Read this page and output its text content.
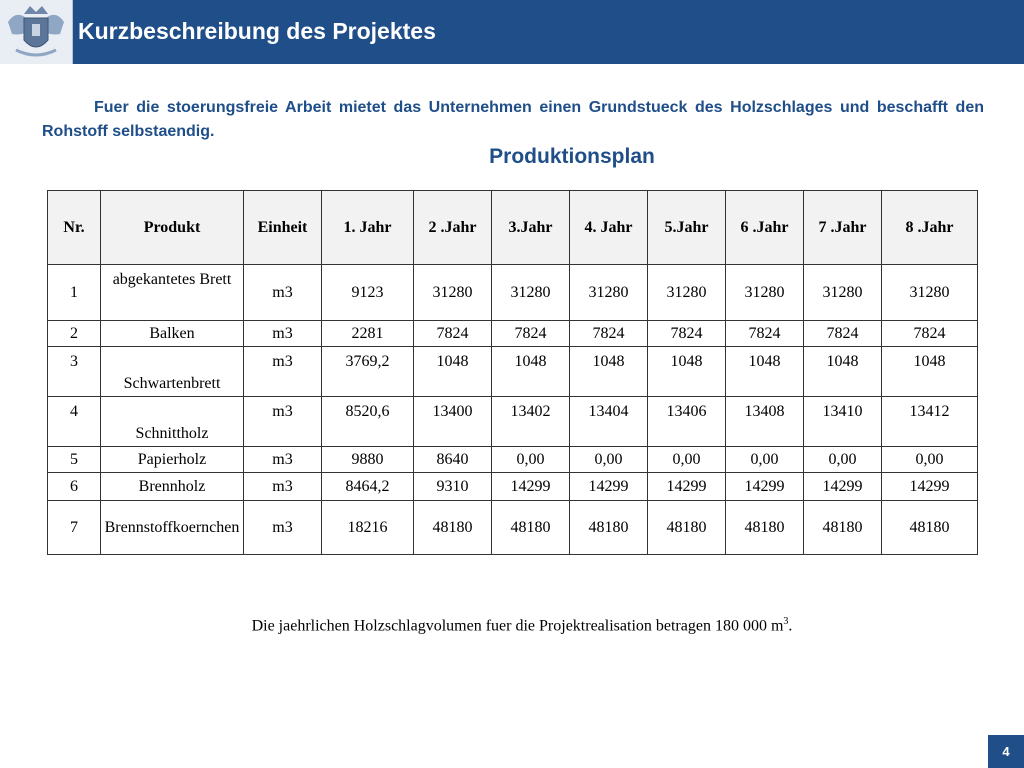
Kurzbeschreibung des Projektes
Fuer die stoerungsfreie Arbeit mietet das Unternehmen einen Grundstueck des Holzschlages und beschafft den Rohstoff selbstaendig.
Produktionsplan
Nr.	Produkt	Einheit	1. Jahr	2 .Jahr	3.Jahr	4. Jahr	5.Jahr	6 .Jahr	7 .Jahr	8 .Jahr
1	abgekantetes Brett	m3	9123	31280	31280	31280	31280	31280	31280	31280
2	Balken	m3	2281	7824	7824	7824	7824	7824	7824	7824
3	Schwartenbrett	m3	3769,2	1048	1048	1048	1048	1048	1048	1048
4	Schnittholz	m3	8520,6	13400	13402	13404	13406	13408	13410	13412
5	Papierholz	m3	9880	8640	0,00	0,00	0,00	0,00	0,00	0,00
6	Brennholz	m3	8464,2	9310	14299	14299	14299	14299	14299	14299
7	Brennstoffkoernchen	m3	18216	48180	48180	48180	48180	48180	48180	48180
Die jaehrlichen Holzschlagvolumen fuer die Projektrealisation betragen 180 000 $m^3$.
4
